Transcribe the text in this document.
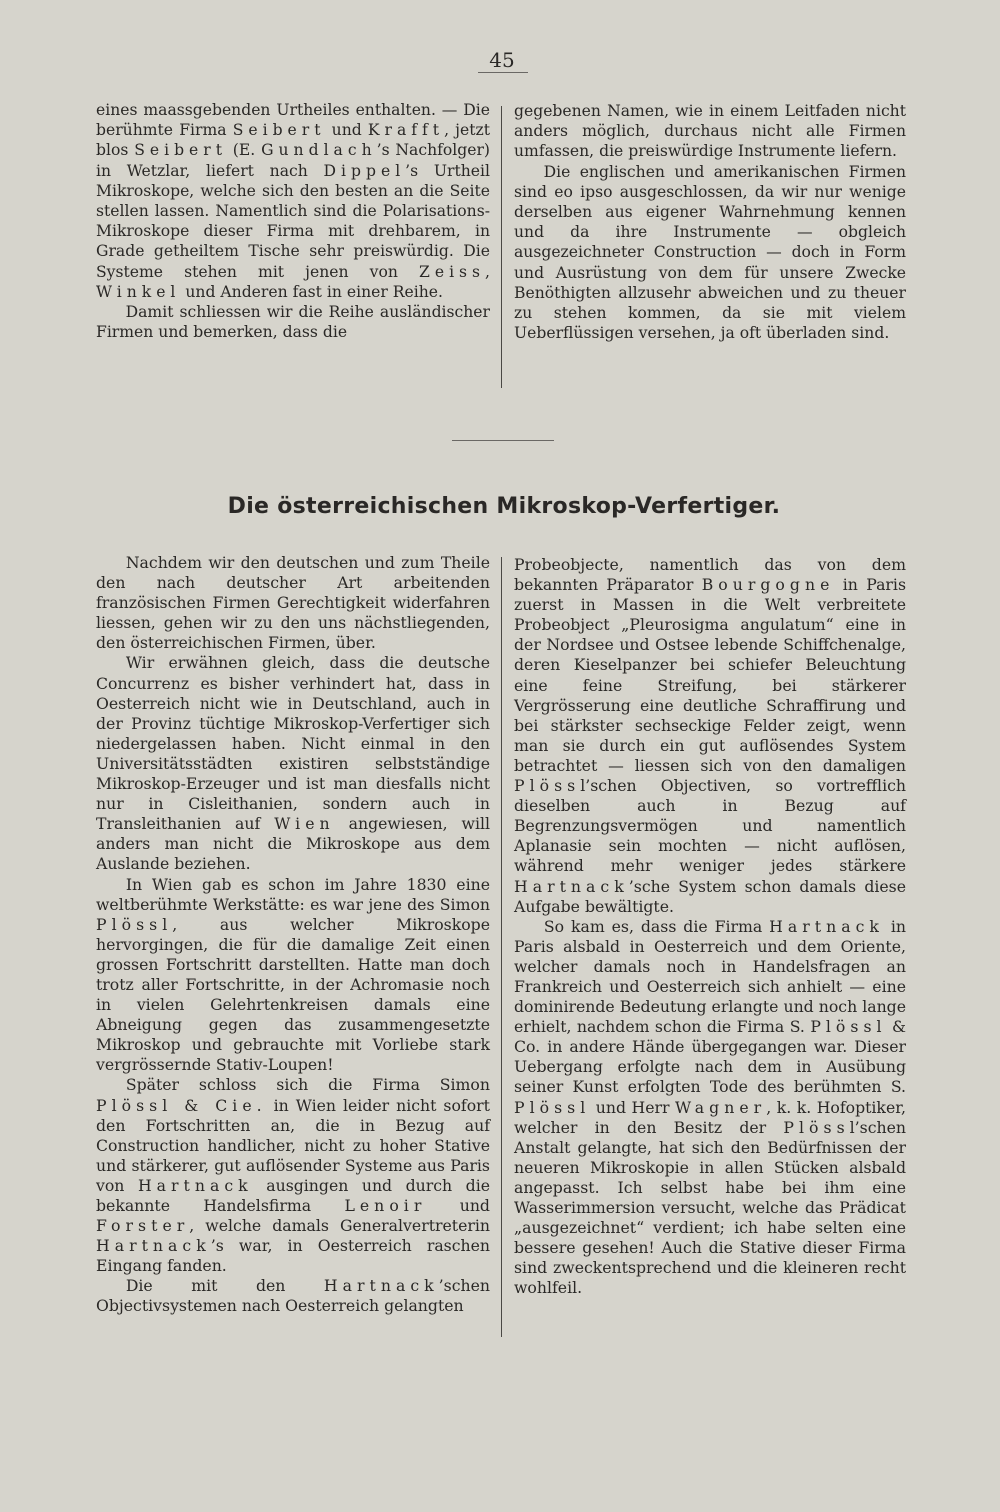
45

eines maassgebenden Urtheiles enthalten. — Die berühmte Firma Seibert und Krafft, jetzt blos Seibert (E. Gundlach’s Nachfolger) in Wetzlar, liefert nach Dippel’s Urtheil Mikroskope, welche sich den besten an die Seite stellen lassen. Namentlich sind die Polarisations-Mikroskope dieser Firma mit drehbarem, in Grade getheiltem Tische sehr preiswürdig. Die Systeme stehen mit jenen von Zeiss, Winkel und Anderen fast in einer Reihe.

Damit schliessen wir die Reihe ausländischer Firmen und bemerken, dass die

gegebenen Namen, wie in einem Leitfaden nicht anders möglich, durchaus nicht alle Firmen umfassen, die preiswürdige Instrumente liefern.

Die englischen und amerikanischen Firmen sind eo ipso ausgeschlossen, da wir nur wenige derselben aus eigener Wahrnehmung kennen und da ihre Instrumente — obgleich ausgezeichneter Construction — doch in Form und Ausrüstung von dem für unsere Zwecke Benöthigten allzusehr abweichen und zu theuer zu stehen kommen, da sie mit vielem Ueberflüssigen versehen, ja oft überladen sind.

Die österreichischen Mikroskop-Verfertiger.

Nachdem wir den deutschen und zum Theile den nach deutscher Art arbeitenden französischen Firmen Gerechtigkeit widerfahren liessen, gehen wir zu den uns nächstliegenden, den österreichischen Firmen, über.

Wir erwähnen gleich, dass die deutsche Concurrenz es bisher verhindert hat, dass in Oesterreich nicht wie in Deutschland, auch in der Provinz tüchtige Mikroskop-Verfertiger sich niedergelassen haben. Nicht einmal in den Universitätsstädten existiren selbstständige Mikroskop-Erzeuger und ist man diesfalls nicht nur in Cisleithanien, sondern auch in Transleithanien auf Wien angewiesen, will anders man nicht die Mikroskope aus dem Auslande beziehen.

In Wien gab es schon im Jahre 1830 eine weltberühmte Werkstätte: es war jene des Simon Plössl, aus welcher Mikroskope hervorgingen, die für die damalige Zeit einen grossen Fortschritt darstellten. Hatte man doch trotz aller Fortschritte, in der Achromasie noch in vielen Gelehrtenkreisen damals eine Abneigung gegen das zusammengesetzte Mikroskop und gebrauchte mit Vorliebe stark vergrössernde Stativ-Loupen!

Später schloss sich die Firma Simon Plössl & Cie. in Wien leider nicht sofort den Fortschritten an, die in Bezug auf Construction handlicher, nicht zu hoher Stative und stärkerer, gut auflösender Systeme aus Paris von Hartnack ausgingen und durch die bekannte Handelsfirma Lenoir und Forster, welche damals Generalvertreterin Hartnack’s war, in Oesterreich raschen Eingang fanden.

Die mit den Hartnack’schen Objectivsystemen nach Oesterreich gelangten

Probeobjecte, namentlich das von dem bekannten Präparator Bourgogne in Paris zuerst in Massen in die Welt verbreitete Probeobject „Pleurosigma angulatum“ eine in der Nordsee und Ostsee lebende Schiffchenalge, deren Kieselpanzer bei schiefer Beleuchtung eine feine Streifung, bei stärkerer Vergrösserung eine deutliche Schraffirung und bei stärkster sechseckige Felder zeigt, wenn man sie durch ein gut auflösendes System betrachtet — liessen sich von den damaligen Plössl’schen Objectiven, so vortrefflich dieselben auch in Bezug auf Begrenzungsvermögen und namentlich Aplanasie sein mochten — nicht auflösen, während mehr weniger jedes stärkere Hartnack’sche System schon damals diese Aufgabe bewältigte.

So kam es, dass die Firma Hartnack in Paris alsbald in Oesterreich und dem Oriente, welcher damals noch in Handelsfragen an Frankreich und Oesterreich sich anhielt — eine dominirende Bedeutung erlangte und noch lange erhielt, nachdem schon die Firma S. Plössl & Co. in andere Hände übergegangen war. Dieser Uebergang erfolgte nach dem in Ausübung seiner Kunst erfolgten Tode des berühmten S. Plössl und Herr Wagner, k. k. Hofoptiker, welcher in den Besitz der Plössl’schen Anstalt gelangte, hat sich den Bedürfnissen der neueren Mikroskopie in allen Stücken alsbald angepasst. Ich selbst habe bei ihm eine Wasserimmersion versucht, welche das Prädicat „ausgezeichnet“ verdient; ich habe selten eine bessere gesehen! Auch die Stative dieser Firma sind zweckentsprechend und die kleineren recht wohlfeil.
